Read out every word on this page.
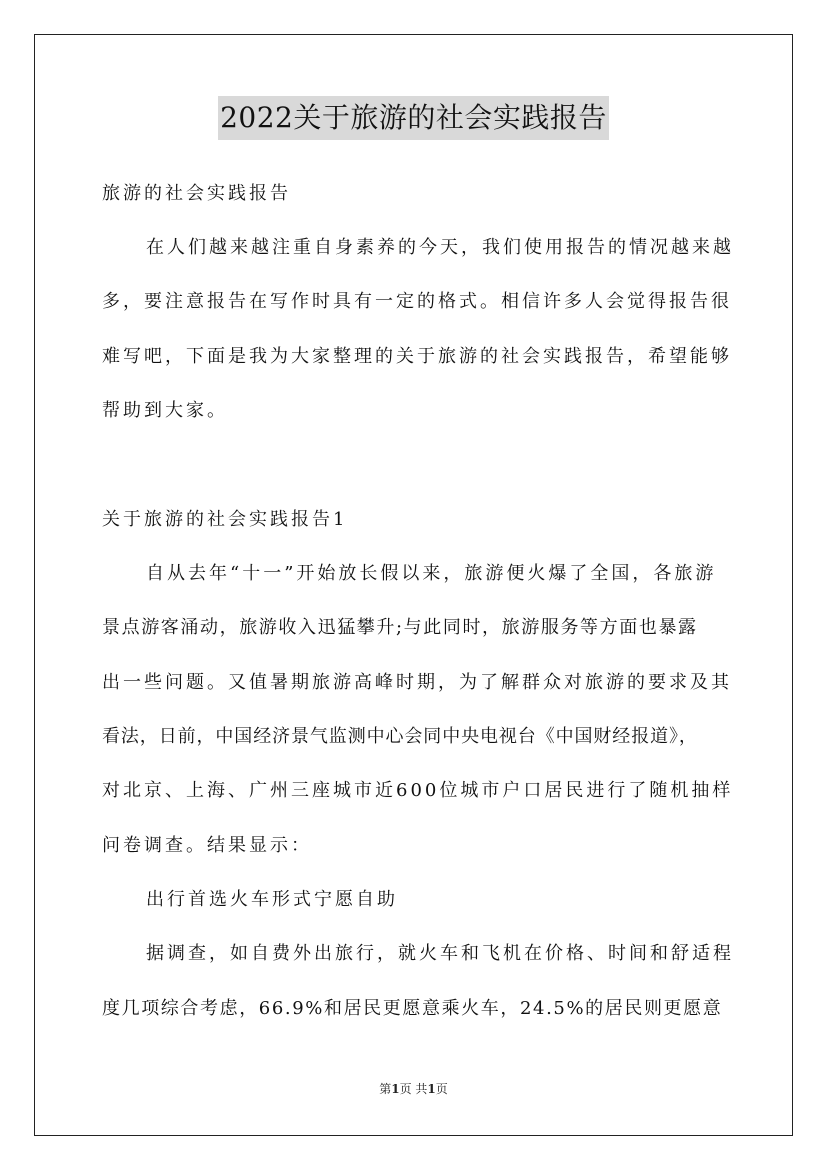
2022关于旅游的社会实践报告
旅游的社会实践报告
在人们越来越注重自身素养的今天，我们使用报告的情况越来越
多，要注意报告在写作时具有一定的格式。相信许多人会觉得报告很
难写吧，下面是我为大家整理的关于旅游的社会实践报告，希望能够
帮助到大家。
关于旅游的社会实践报告1
自从去年“十一”开始放长假以来，旅游便火爆了全国，各旅游
景点游客涌动，旅游收入迅猛攀升;与此同时，旅游服务等方面也暴露
出一些问题。又值暑期旅游高峰时期，为了解群众对旅游的要求及其
看法，日前，中国经济景气监测中心会同中央电视台《中国财经报道》，
对北京、上海、广州三座城市近600位城市户口居民进行了随机抽样
问卷调查。结果显示：
出行首选火车形式宁愿自助
据调查，如自费外出旅行，就火车和飞机在价格、时间和舒适程
度几项综合考虑，66.9%和居民更愿意乘火车，24.5%的居民则更愿意
第1页 共1页
